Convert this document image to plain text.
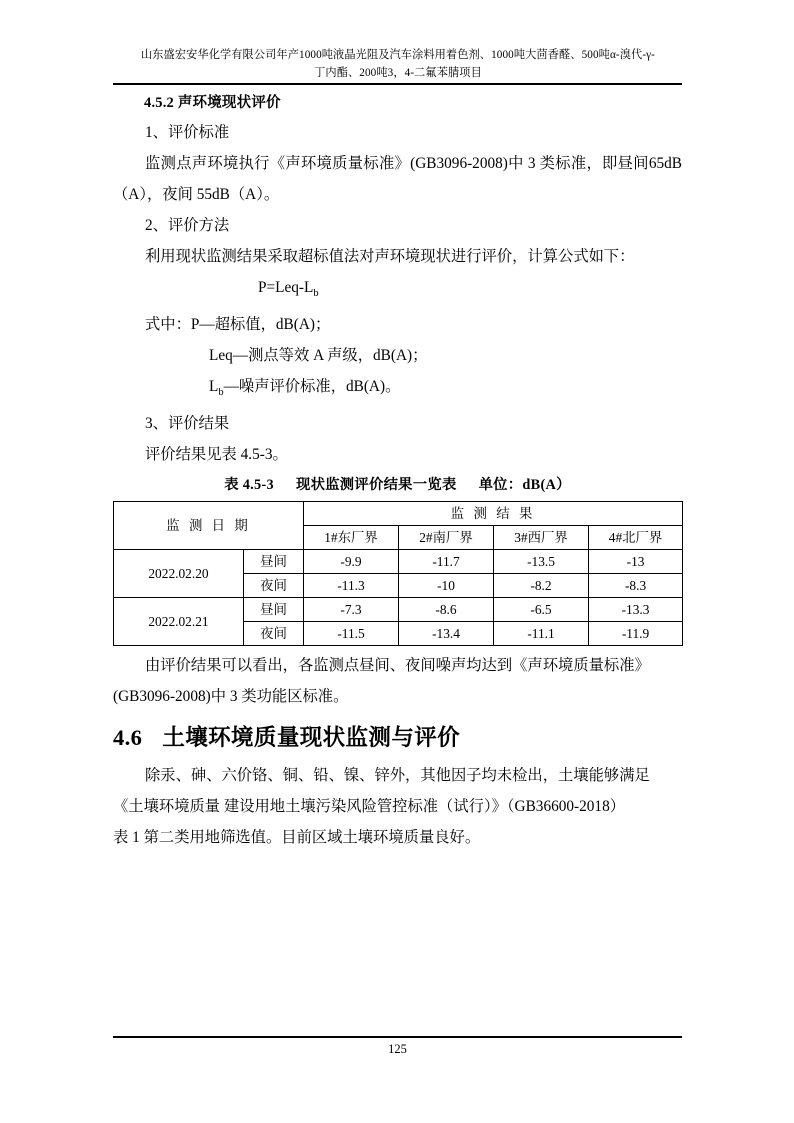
山东盛宏安华化学有限公司年产1000吨液晶光阻及汽车涂料用着色剂、1000吨大茴香醛、500吨α-溴代-γ-
丁内酯、200吨3，4-二氟苯腈项目
4.5.2 声环境现状评价

1、评价标准

监测点声环境执行《声环境质量标准》(GB3096-2008)中 3 类标准，即昼间65dB（A），夜间 55dB（A）。

2、评价方法

利用现状监测结果采取超标值法对声环境现状进行评价，计算公式如下：

$P=Leq-L_b$

式中：P—超标值，dB(A)；

Leq—测点等效 A 声级，dB(A)；

$L_b—$噪声评价标准，dB(A)。

3、评价结果

评价结果见表 4.5-3。

表 4.5-3 现状监测评价结果一览表 单位：dB(A）
监 测 日 期		监 测 结 果			
		1#东厂界	2#南厂界	3#西厂界	4#北厂界
2022.02.20	昼间	-9.9	-11.7	-13.5	-13
	夜间	-11.3	-10	-8.2	-8.3
2022.02.21	昼间	-7.3	-8.6	-6.5	-13.3
	夜间	-11.5	-13.4	-11.1	-11.9

由评价结果可以看出，各监测点昼间、夜间噪声均达到《声环境质量标准》

(GB3096-2008)中 3 类功能区标准。

4.6 土壤环境质量现状监测与评价

除汞、砷、六价铬、铜、铅、镍、锌外，其他因子均未检出，土壤能够满足

《土壤环境质量 建设用地土壤污染风险管控标准（试行）》（GB36600-2018）

表 1 第二类用地筛选值。目前区域土壤环境质量良好。

125
